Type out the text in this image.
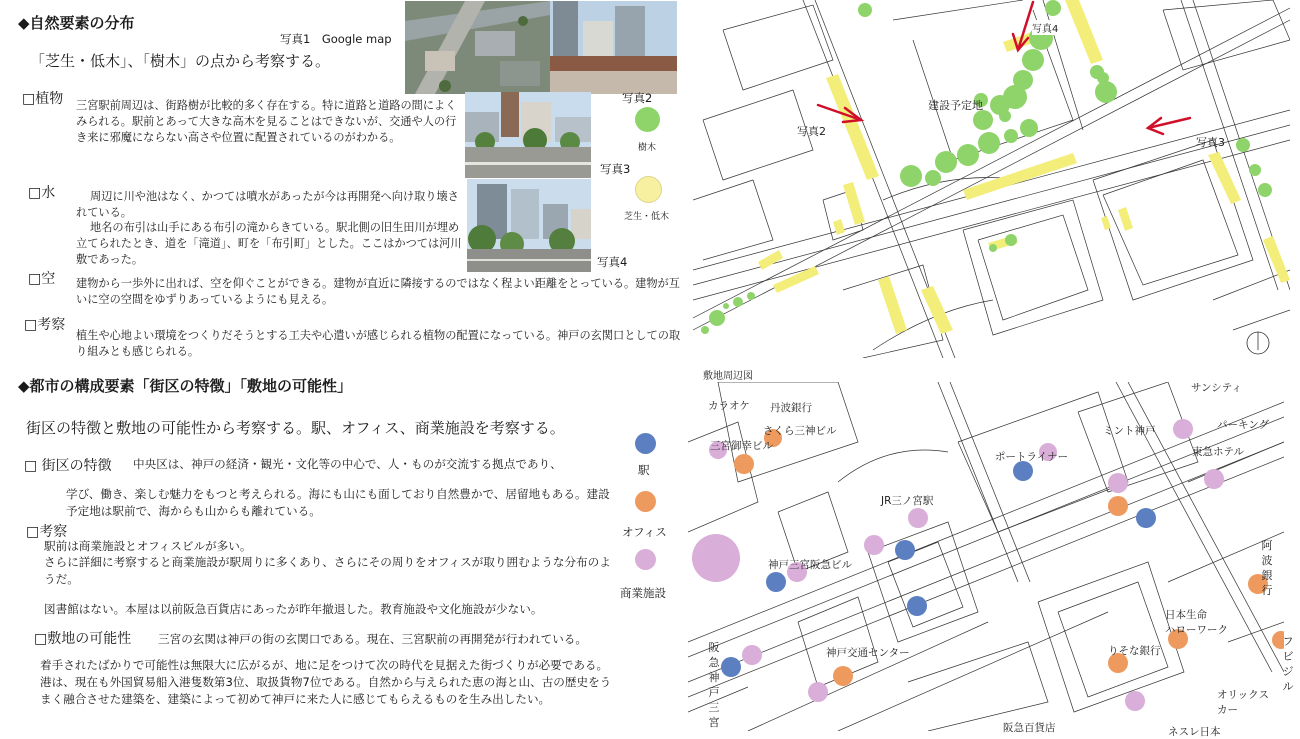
◆自然要素の分布
写真1　Google map
「芝生・低木」、「樹木」の点から考察する。
□植物 三宮駅前周辺は、街路樹が比較的多く存在する。特に道路と道路の間によくみられる。駅前とあって大きな高木を見ることはできないが、交通や人の行き来に邪魔にならない高さや位置に配置されているのがわかる。
写真2
樹木
写真3
芝生・低木
写真4
□水	周辺に川や池はなく、かつては噴水があったが今は再開発へ向け取り壊されている。
地名の布引は山手にある布引の滝からきている。駅北側の旧生田川が埋め立てられたとき、道を「滝道」、町を「布引町」とした。ここはかつては河川敷であった。
□空 建物から一歩外に出れば、空を仰ぐことができる。建物が直近に隣接するのではなく程よい距離をとっている。建物が互いに空の空間をゆずりあっているようにも見える。
□考察
植生や心地よい環境をつくりだそうとする工夫や心遣いが感じられる植物の配置になっている。神戸の玄関口としての取り組みとも感じられる。
◆都市の構成要素「街区の特徴」「敷地の可能性」
街区の特徴と敷地の可能性から考察する。駅、オフィス、商業施設を考察する。
□ 街区の特徴 中央区は、神戸の経済・観光・文化等の中心で、人・ものが交流する拠点であり、
学び、働き、楽しむ魅力をもつと考えられる。海にも山にも面しており自然豊かで、居留地もある。建設予定地は駅前で、海からも山からも離れている。
□考察
駅前は商業施設とオフィスビルが多い。
さらに詳細に考察すると商業施設が駅周りに多くあり、さらにその周りをオフィスが取り囲むような分布のようだ。
図書館はない。本屋は以前阪急百貨店にあったが昨年撤退した。教育施設や文化施設が少ない。
□敷地の可能性 三宮の玄関は神戸の街の玄関口である。現在、三宮駅前の再開発が行われている。
着手されたばかりで可能性は無限大に広がるが、地に足をつけて次の時代を見据えた街づくりが必要である。港は、現在も外国貿易船入港隻数第3位、取扱貨物7位である。自然から与えられた恵の海と山、古の歴史をうまく融合させた建築を、建築によって初めて神戸に来た人に感じてもらえるものを生み出したい。
駅
オフィス
商業施設
建設予定地
写真2
写真3
写真4
敷地周辺図
カラオケ 丹波銀行
さくら三神ビル
三宮御幸ビル
ポートライナー
ミント神戸
サンシティ
パーキング
東急ホテル
JR三ノ宮駅
神戸三宮阪急ビル
阿波銀行
日本生命
ハローワーク
りそな銀行
神戸交通センター
阪急神戸三宮
オリックス
カー
阪急百貨店
フビジル
ネスレ日本
